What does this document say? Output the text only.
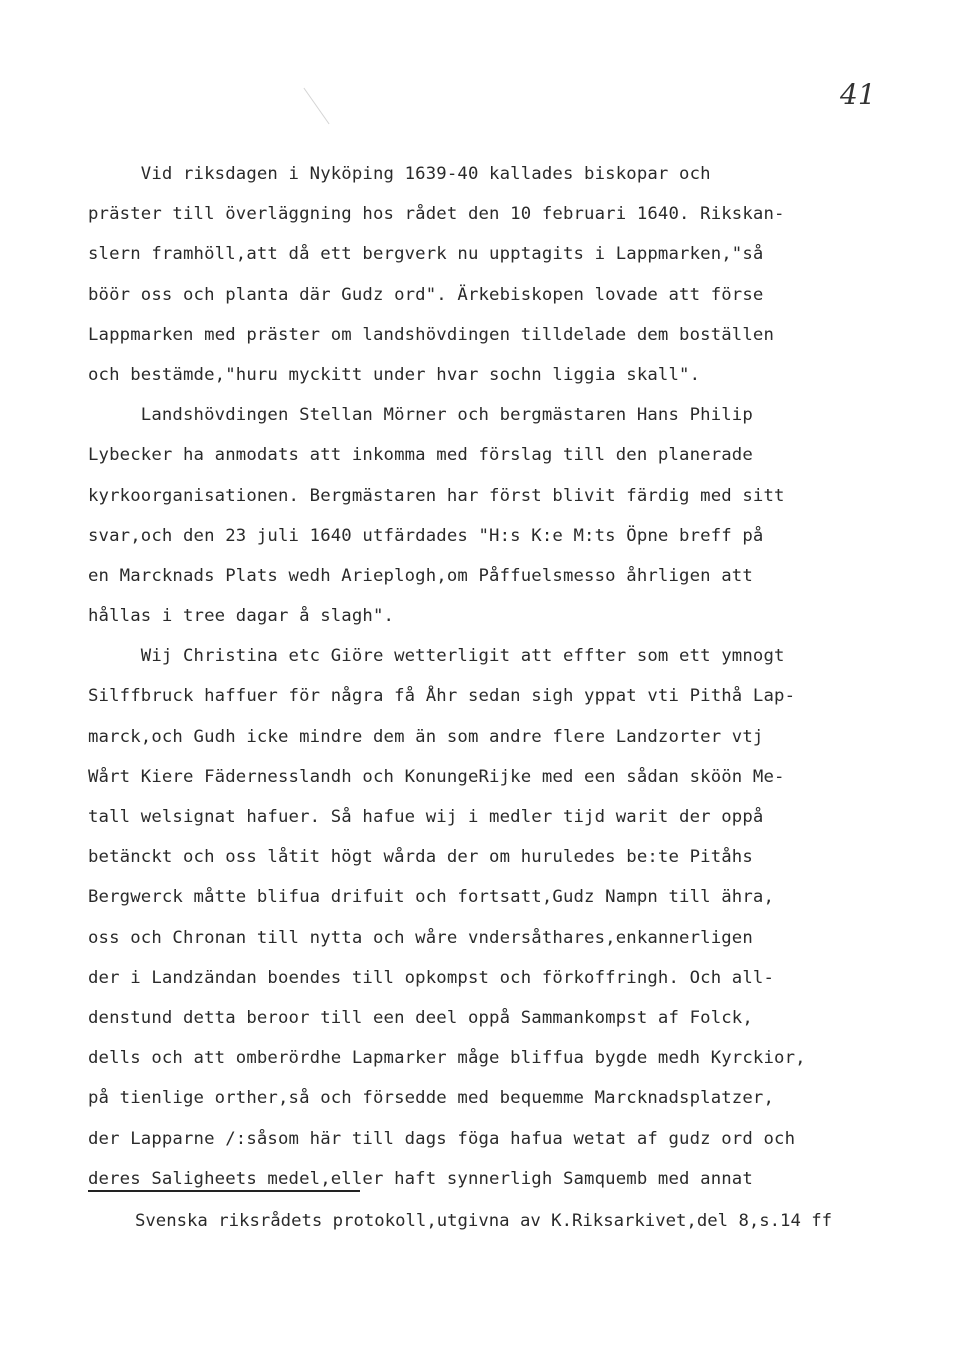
41
Vid riksdagen i Nyköping 1639-40 kallades biskopar och
präster till överläggning hos rådet den 10 februari 1640. Rikskan-
slern framhöll,att då ett bergverk nu upptagits i Lappmarken,"så
böör oss och planta där Gudz ord". Ärkebiskopen lovade att förse
Lappmarken med präster om landshövdingen tilldelade dem boställen
och bestämde,"huru myckitt under hvar sochn liggia skall".
Landshövdingen Stellan Mörner och bergmästaren Hans Philip
Lybecker ha anmodats att inkomma med förslag till den planerade
kyrkoorganisationen. Bergmästaren har först blivit färdig med sitt
svar,och den 23 juli 1640 utfärdades "H:s K:e M:ts Öpne breff på
en Marcknads Plats wedh Arieplogh,om Påffuelsmesso åhrligen att
hållas i tree dagar å slagh".
Wij Christina etc Giöre wetterligit att effter som ett ymnogt
Silffbruck haffuer för några få Åhr sedan sigh yppat vti Pithå Lap-
marck,och Gudh icke mindre dem än som andre flere Landzorter vtj
Wårt Kiere Fädernesslandh och KonungeRijke med een sådan sköön Me-
tall welsignat hafuer. Så hafue wij i medler tijd warit der oppå
betänckt och oss låtit högt wårda der om huruledes be:te Pitåhs
Bergwerck måtte blifua drifuit och fortsatt,Gudz Nampn till ähra,
oss och Chronan till nytta och wåre vndersåthares,enkannerligen
der i Landzändan boendes till opkompst och förkoffringh. Och all-
denstund detta beroor till een deel oppå Sammankompst af Folck,
dells och att omberördhe Lapmarker måge bliffua bygde medh Kyrckior,
på tienlige orther,så och försedde med bequemme Marcknadsplatzer,
der Lapparne /:såsom här till dags föga hafua wetat af gudz ord och
deres Saligheets medel,eller haft synnerligh Samquemb med annat
Svenska riksrådets protokoll,utgivna av K.Riksarkivet,del 8,s.14 ff
